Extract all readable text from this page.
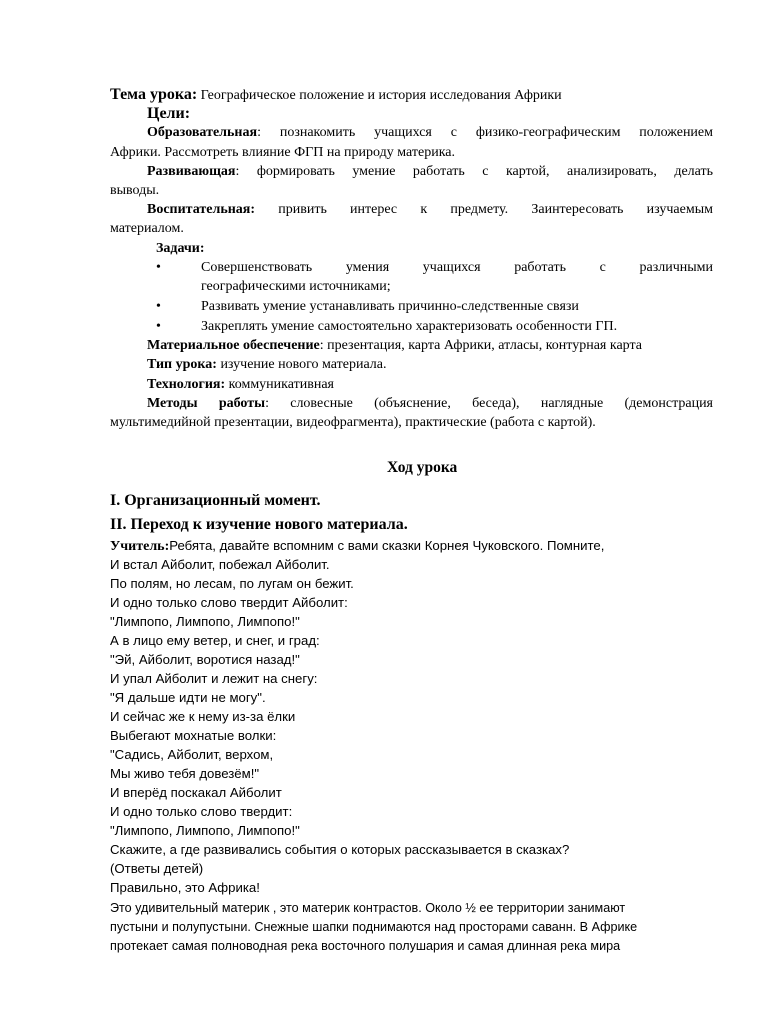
Тема урока: Географическое положение и история исследования Африки
Цели:
Образовательная: познакомить учащихся с физико-географическим положением
Африки. Рассмотреть влияние ФГП на природу материка.
Развивающая: формировать умение работать с картой, анализировать, делать
выводы.
Воспитательная: привить интерес к предмету. Заинтересовать изучаемым
материалом.
Задачи:
•	Совершенствовать умения учащихся работать с различными
географическими источниками;
•	Развивать умение устанавливать причинно-следственные связи
•	Закреплять умение самостоятельно характеризовать особенности ГП.
Материальное обеспечение: презентация, карта Африки, атласы, контурная карта
Тип урока: изучение нового материала.
Технология: коммуникативная
Методы работы: словесные (объяснение, беседа), наглядные (демонстрация
мультимедийной презентации, видеофрагмента), практические (работа с картой).
Ход урока
I. Организационный момент.
II. Переход к изучение нового материала.
Учитель:Ребята, давайте вспомним с вами сказки Корнея Чуковского. Помните,
И встал Айболит, побежал Айболит.
По полям, но лесам, по лугам он бежит.
И одно только слово твердит Айболит:
"Лимпопо, Лимпопо, Лимпопо!"
А в лицо ему ветер, и снег, и град:
"Эй, Айболит, воротися назад!"
И упал Айболит и лежит на снегу:
"Я дальше идти не могу".
И сейчас же к нему из-за ёлки
Выбегают мохнатые волки:
"Садись, Айболит, верхом,
Мы живо тебя довезём!"
И вперёд поскакал Айболит
И одно только слово твердит:
"Лимпопо, Лимпопо, Лимпопо!"
Скажите, а где развивались события о которых рассказывается в сказках?
(Ответы детей)
Правильно, это Африка!
Это удивительный материк , это материк контрастов. Около ½ ее территории занимают
пустыни и полупустыни. Снежные шапки поднимаются над просторами саванн. В Африке
протекает самая полноводная река восточного полушария и самая длинная река мира
